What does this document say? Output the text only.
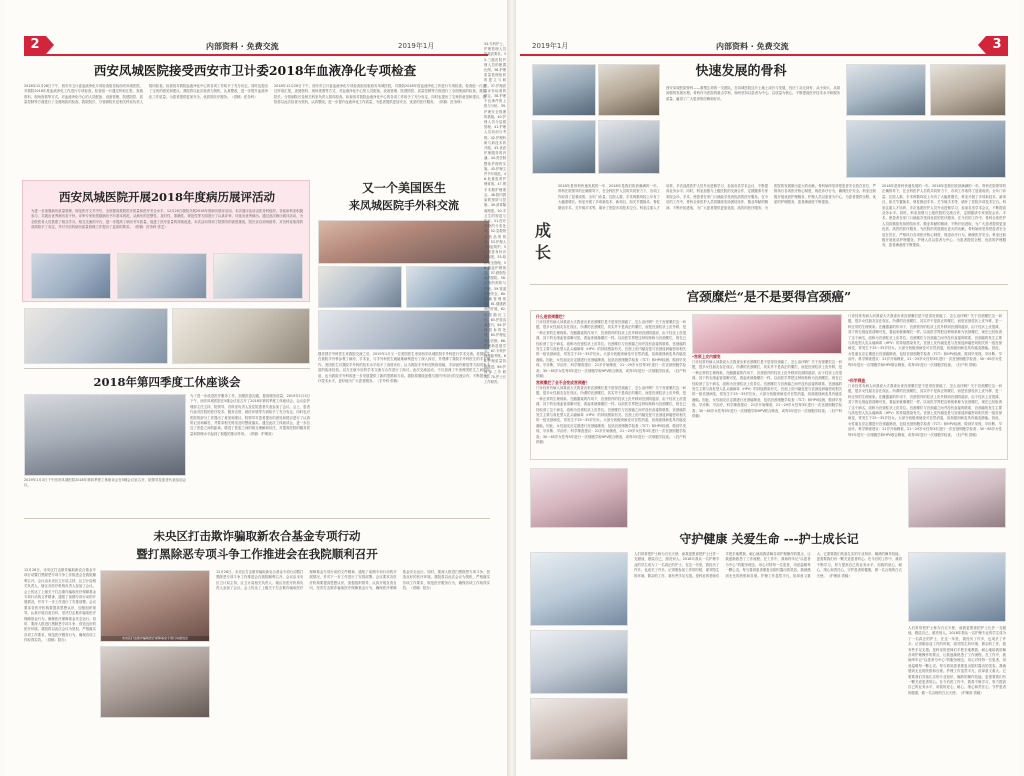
2	内部资料 · 免费交流	2019年1月
西安凤城医院接受西安市卫计委2018年血液净化专项检查
2018年12月26日下午，西安市卫计委血液净化专项检查组莅临西安凤城医院，对我院2018年度血液净化工作进行专项检查。检查组一行通过听取汇报、查阅资料、现场查看等方式，对血液净化中心的人员配备、设备管理、院感防控、质量控制等方面进行了全面细致的检查。我院院长、分管副院长及相关科室负责人陪同检查。检查组对我院血液净化中心的各项工作给予了充分肯定，同时也提出了宝贵的意见和建议。我院将以此次检查为契机，认真整改，进一步提升血液净化工作质量，为患者提供更加安全、优质的医疗服务。（供稿：医务科）
2018年12月26日下午，西安市卫计委血液净化专项检查组莅临西安凤城医院，对我院2018年度血液净化工作进行专项检查。检查组一行通过听取汇报、查阅资料、现场查看等方式，对血液净化中心的人员配备、设备管理、院感防控、质量控制等方面进行了全面细致的检查。我院院长、分管副院长及相关科室负责人陪同检查。检查组对我院血液净化中心的各项工作给予了充分肯定，同时也提出了宝贵的意见和建议。我院将以此次检查为契机，认真整改，进一步提升血液净化工作质量，为患者提供更加安全、优质的医疗服务。（供稿：医务科）
西安凤城医院开展2018年度病历展评活动
为进一步加强病历质量管理，规范医疗文书书写，全面提高我院医疗质量和医疗安全水平，12月20日我院开展2018年度病历展评活动。本次展评活动由医务科组织，各临床科室积极参与，共展出优秀病历若干份。评审专家组依据病历书写基本规范，从病历的完整性、及时性、准确性、规范性等方面进行了认真评审，评选出优秀病历。通过此次病历展评活动，为全院医务人员搭建了相互学习、相互交流的平台，进一步提高了病历书写质量，促进了医疗质量的持续改进。本次活动得到了院领导的高度重视，院长亲自到场指导，对各科室取得的成绩给予了肯定，并对今后的病历质量管理工作提出了更高的要求。（供稿：医务科 张艺）
又一个美国医生
来凤城医院手外科交流
继美国手外科医生来我院交流之后，2019年1月又一位美国医生来到西安凤城医院手外科进行学术交流。美国医生在我院手外科参观了病房、手术室，与手外科医生就疑难病例进行了深入探讨，并观摩了我院手外科医生的手术操作。美国医生对我院手外科的技术水平给予了高度评价，认为我院手外科在断指再植、手部创伤修复等方面具有丰富的临床经验。双方还就今后的学术交流与合作进行了商讨。此次交流活动，不仅加深了中美两国医生之间的友谊，也为我院手外科的进一步发展提供了新的思路和方向。我院将继续加强与国内外同行的交流合作，不断提升医疗技术水平，更好地为广大患者服务。（手外科 供稿）
2018年第四季度工休座谈会
2019年1月3日下午西安凤城医院2018年第四季度工休座谈会在5楼会议室召开，院领导及患者代表参加会议。
为了进一步改进医疗服务工作，加强医患沟通，提高服务质量，2019年1月3日下午，西安凤城医院在5楼会议室召开了2018年第四季度工休座谈会。会议由护理部主任主持，院领导、各科室负责人及住院患者代表参加了会议。会上，患者代表对医院的医疗技术、服务态度、就医环境等方面给予了充分肯定，同时也对医院的部分工作提出了意见和建议。院领导对患者提出的意见和建议进行了认真的记录和解答，并要求相关科室及时整改落实。通过此次工休座谈会，进一步拉近了医患之间的距离，增进了医患之间的相互理解和信任，对提高医院的服务质量和管理水平起到了积极的推动作用。（供稿：护理部）
未央区打击欺诈骗取新农合基金专项行动
暨打黑除恶专项斗争工作推进会在我院顺利召开
12月28日，未央区打击欺诈骗取新农合基金专项行动暨打黑除恶专项斗争工作推进会在我院顺利召开。会议由未央区卫计局主持，区卫计局相关负责人、辖区各医疗机构负责人参加了会议。会上传达了上级关于打击欺诈骗取医疗保障基金专项行动的文件精神，通报了前期专项行动的开展情况，并对下一步工作进行了安排部署。会议要求各医疗机构要提高思想认识，加强组织领导，认真开展自查自纠，坚决打击欺诈骗取医疗保障基金行为，确保医疗保障基金安全运行。同时，要深入推进扫黑除恶专项斗争，营造良好的医疗环境。我院将以此次会议为契机，严格落实各项工作要求，规范医疗服务行为，确保各项工作取得实效。（供稿：院办）
未央区打击欺诈骗取医疗保障基金专项行动推进会
12月28日，未央区打击欺诈骗取新农合基金专项行动暨打黑除恶专项斗争工作推进会在我院顺利召开。会议由未央区卫计局主持，区卫计局相关负责人、辖区各医疗机构负责人参加了会议。会上传达了上级关于打击欺诈骗取医疗保障基金专项行动的文件精神，通报了前期专项行动的开展情况，并对下一步工作进行了安排部署。会议要求各医疗机构要提高思想认识，加强组织领导，认真开展自查自纠，坚决打击欺诈骗取医疗保障基金行为，确保医疗保障基金安全运行。同时，要深入推进扫黑除恶专项斗争，营造良好的医疗环境。我院将以此次会议为契机，严格落实各项工作要求，规范医疗服务行为，确保各项工作取得实效。（供稿：院办）
34.专科护士、护理管理人员的素质要求。35.三级医院护理人员的配置比例。36.护理质量管理组织的建立与职责。37.护理质量评价标准的制定。38.护理不良事件的上报与分析。39.护理安全管理的措施。40.护理人员分层级管理。41.护理人员培训与考核。42.护理科研与新技术的开展。43.优质护理服务的内涵。44.责任制整体护理的实施。45.护理文件书写规范。46.危重患者护理常规。47.围手术期护理要点。48.院内感染的预防与控制。49.消毒隔离制度。50.手卫生的规范与执行。51.医疗废物的分类处理。52.急救物品药品的管理。53.护理人员职业防护。54.患者身份识别制度。55.给药安全管理。56.输血护理规范。57.跌倒坠床的预防。58.压疮的预防与护理。59.管道护理安全。60.疼痛管理规范。61.健康教育的开展。62.出院随访工作。63.护患沟通技巧。64.护理投诉的处理。65.护理伦理与法律。66.护理新进展学习。67.专科护理技能考核。68.护理质量持续改进。69.护理部工作职责。70.护士长工作职责。
2019年1月	内部资料 · 免费交流	3
快速发展的骨科
西安凤城医院骨科——重塑生命的一支团队，在凤城医院这片土地上成长与发展，经历了从无到有、从小到大、从弱到强的发展历程。骨科作为医院的重点学科，始终坚持以患者为中心，以质量为核心，不断提高医疗技术水平和服务质量，赢得了广大患者的信赖和好评。
成长
2018年是骨科快速发展的一年，2018年是我们收获满满的一年。骨科在院领导的正确领导下，在全科医护人员的共同努力下，各项工作取得了显著成绩。全年门诊量、住院人数、手术例数均较上年有了大幅度增长。科室开展了多项新技术、新项目，如关节置换术、脊柱微创手术、关节镜手术等，填补了医院多项技术空白。科室注重人才培养，多次选派医护人员外出进修学习，参加各类学术会议，不断提高业务水平。同时，科室加强与上级医院的交流合作，定期邀请专家来院会诊、手术，使患者在家门口就能享受到优质的医疗服务。在今后的工作中，骨科全体医护人员将继续发扬团结协作、敬业奉献的精神，不断开拓进取，为广大患者提供更加优质、高效的医疗服务，为医院的发展做出更大的贡献。骨科始终坚持把患者安全放在首位，严格执行各项医疗核心制度，规范诊疗行为，确保医疗安全。科室还积极开展优质护理服务，护理人员以患者为中心，为患者提供全程、优质的护理服务，患者满意度不断提高。
2018年是骨科快速发展的一年，2018年是我们收获满满的一年。骨科在院领导的正确领导下，在全科医护人员的共同努力下，各项工作取得了显著成绩。全年门诊量、住院人数、手术例数均较上年有了大幅度增长。科室开展了多项新技术、新项目，如关节置换术、脊柱微创手术、关节镜手术等，填补了医院多项技术空白。科室注重人才培养，多次选派医护人员外出进修学习，参加各类学术会议，不断提高业务水平。同时，科室加强与上级医院的交流合作，定期邀请专家来院会诊、手术，使患者在家门口就能享受到优质的医疗服务。在今后的工作中，骨科全体医护人员将继续发扬团结协作、敬业奉献的精神，不断开拓进取，为广大患者提供更加优质、高效的医疗服务，为医院的发展做出更大的贡献。骨科始终坚持把患者安全放在首位，严格执行各项医疗核心制度，规范诊疗行为，确保医疗安全。科室还积极开展优质护理服务，护理人员以患者为中心，为患者提供全程、优质的护理服务，患者满意度不断提高。
宫颈糜烂“是不是要得宫颈癌”
什么是宫颈糜烂？
门诊经常有病人问我说大夫我查出来宫颈糜烂是不是得宫颈癌了，怎么治疗啊？关于宫颈糜烂这一问题，很多女性朋友存在误区。所谓的宫颈糜烂，其实并不是真正的糜烂，而是宫颈柱状上皮外移，是一种正常的生理现象。在雌激素的作用下，宫颈管内的柱状上皮外移到宫颈阴道部，由于柱状上皮很薄，其下的毛细血管清晰可见，看起来就像糜烂一样。以前医学界把这种现象称为宫颈糜烂，现在已经取消了这个病名，改称为宫颈柱状上皮异位。宫颈糜烂与宫颈癌之间并没有直接的联系，宫颈癌的发生主要与高危型人乳头瘤病毒（HPV）的持续感染有关。宫颈上皮内瘤变是与宫颈浸润癌密切相关的一组宫颈病变，常发生于25～35岁妇女。大部分低级别病变可自然消退，但高级别病变具有癌变潜能。因此，女性朋友应定期进行宫颈癌筛查，包括宫颈细胞学检查（TCT）和HPV检测，做到早发现、早诊断、早治疗。科学筛查建议：21岁开始筛查，21～29岁女性每3年进行一次宫颈细胞学检查；30～65岁女性每5年进行一次细胞学和HPV联合筛查，或每3年进行一次细胞学检查。（妇产科 供稿）
宫颈糜烂了会不会变成宫颈癌？
门诊经常有病人问我说大夫我查出来宫颈糜烂是不是得宫颈癌了，怎么治疗啊？关于宫颈糜烂这一问题，很多女性朋友存在误区。所谓的宫颈糜烂，其实并不是真正的糜烂，而是宫颈柱状上皮外移，是一种正常的生理现象。在雌激素的作用下，宫颈管内的柱状上皮外移到宫颈阴道部，由于柱状上皮很薄，其下的毛细血管清晰可见，看起来就像糜烂一样。以前医学界把这种现象称为宫颈糜烂，现在已经取消了这个病名，改称为宫颈柱状上皮异位。宫颈糜烂与宫颈癌之间并没有直接的联系，宫颈癌的发生主要与高危型人乳头瘤病毒（HPV）的持续感染有关。宫颈上皮内瘤变是与宫颈浸润癌密切相关的一组宫颈病变，常发生于25～35岁妇女。大部分低级别病变可自然消退，但高级别病变具有癌变潜能。因此，女性朋友应定期进行宫颈癌筛查，包括宫颈细胞学检查（TCT）和HPV检测，做到早发现、早诊断、早治疗。科学筛查建议：21岁开始筛查，21～29岁女性每3年进行一次宫颈细胞学检查；30～65岁女性每5年进行一次细胞学和HPV联合筛查，或每3年进行一次细胞学检查。（妇产科 供稿）
*宫颈上皮内瘤变
门诊经常有病人问我说大夫我查出来宫颈糜烂是不是得宫颈癌了，怎么治疗啊？关于宫颈糜烂这一问题，很多女性朋友存在误区。所谓的宫颈糜烂，其实并不是真正的糜烂，而是宫颈柱状上皮外移，是一种正常的生理现象。在雌激素的作用下，宫颈管内的柱状上皮外移到宫颈阴道部，由于柱状上皮很薄，其下的毛细血管清晰可见，看起来就像糜烂一样。以前医学界把这种现象称为宫颈糜烂，现在已经取消了这个病名，改称为宫颈柱状上皮异位。宫颈糜烂与宫颈癌之间并没有直接的联系，宫颈癌的发生主要与高危型人乳头瘤病毒（HPV）的持续感染有关。宫颈上皮内瘤变是与宫颈浸润癌密切相关的一组宫颈病变，常发生于25～35岁妇女。大部分低级别病变可自然消退，但高级别病变具有癌变潜能。因此，女性朋友应定期进行宫颈癌筛查，包括宫颈细胞学检查（TCT）和HPV检测，做到早发现、早诊断、早治疗。科学筛查建议：21岁开始筛查，21～29岁女性每3年进行一次宫颈细胞学检查；30～65岁女性每5年进行一次细胞学和HPV联合筛查，或每3年进行一次细胞学检查。（妇产科 供稿）
门诊经常有病人问我说大夫我查出来宫颈糜烂是不是得宫颈癌了，怎么治疗啊？关于宫颈糜烂这一问题，很多女性朋友存在误区。所谓的宫颈糜烂，其实并不是真正的糜烂，而是宫颈柱状上皮外移，是一种正常的生理现象。在雌激素的作用下，宫颈管内的柱状上皮外移到宫颈阴道部，由于柱状上皮很薄，其下的毛细血管清晰可见，看起来就像糜烂一样。以前医学界把这种现象称为宫颈糜烂，现在已经取消了这个病名，改称为宫颈柱状上皮异位。宫颈糜烂与宫颈癌之间并没有直接的联系，宫颈癌的发生主要与高危型人乳头瘤病毒（HPV）的持续感染有关。宫颈上皮内瘤变是与宫颈浸润癌密切相关的一组宫颈病变，常发生于25～35岁妇女。大部分低级别病变可自然消退，但高级别病变具有癌变潜能。因此，女性朋友应定期进行宫颈癌筛查，包括宫颈细胞学检查（TCT）和HPV检测，做到早发现、早诊断、早治疗。科学筛查建议：21岁开始筛查，21～29岁女性每3年进行一次宫颈细胞学检查；30～65岁女性每5年进行一次细胞学和HPV联合筛查，或每3年进行一次细胞学检查。（妇产科 供稿）
*科学筛查
门诊经常有病人问我说大夫我查出来宫颈糜烂是不是得宫颈癌了，怎么治疗啊？关于宫颈糜烂这一问题，很多女性朋友存在误区。所谓的宫颈糜烂，其实并不是真正的糜烂，而是宫颈柱状上皮外移，是一种正常的生理现象。在雌激素的作用下，宫颈管内的柱状上皮外移到宫颈阴道部，由于柱状上皮很薄，其下的毛细血管清晰可见，看起来就像糜烂一样。以前医学界把这种现象称为宫颈糜烂，现在已经取消了这个病名，改称为宫颈柱状上皮异位。宫颈糜烂与宫颈癌之间并没有直接的联系，宫颈癌的发生主要与高危型人乳头瘤病毒（HPV）的持续感染有关。宫颈上皮内瘤变是与宫颈浸润癌密切相关的一组宫颈病变，常发生于25～35岁妇女。大部分低级别病变可自然消退，但高级别病变具有癌变潜能。因此，女性朋友应定期进行宫颈癌筛查，包括宫颈细胞学检查（TCT）和HPV检测，做到早发现、早诊断、早治疗。科学筛查建议：21岁开始筛查，21～29岁女性每3年进行一次宫颈细胞学检查；30～65岁女性每5年进行一次细胞学和HPV联合筛查，或每3年进行一次细胞学检查。（妇产科 供稿）
守护健康 关爱生命 ---护士成长记
人们常常把护士称为白衣天使，而我更愿意把护士比作一支蜡烛，燃烧自己，照亮别人。2018年我从一名护理专业的学生成为了一名真正的护士，在这一年里，我经历了许多，也成长了许多。记得刚参加工作的时候，面对陌生的环境、繁杂的工作，我有些手足无措。是科室的老师们手把手地教我，耐心地给我讲解各项护理操作的要点，让我逐渐熟悉了工作流程。在工作中，我始终牢记“以患者为中心”的服务理念，用心对待每一位患者，用爱温暖每一颗心灵。每当看到患者康复出院时露出的笑容，我就感到无比的欣慰和自豪。护理工作虽然平凡，但却意义重大。它需要我们具备扎实的专业知识、娴熟的操作技能，更需要我们有一颗关爱患者的心。在今后的工作中，我将不断学习，努力提高自己的业务水平，用我的爱心、耐心、细心和责任心，守护患者的健康，做一名合格的白衣天使。（护理部 供稿）
人们常常把护士称为白衣天使，而我更愿意把护士比作一支蜡烛，燃烧自己，照亮别人。2018年我从一名护理专业的学生成为了一名真正的护士，在这一年里，我经历了许多，也成长了许多。记得刚参加工作的时候，面对陌生的环境、繁杂的工作，我有些手足无措。是科室的老师们手把手地教我，耐心地给我讲解各项护理操作的要点，让我逐渐熟悉了工作流程。在工作中，我始终牢记“以患者为中心”的服务理念，用心对待每一位患者，用爱温暖每一颗心灵。每当看到患者康复出院时露出的笑容，我就感到无比的欣慰和自豪。护理工作虽然平凡，但却意义重大。它需要我们具备扎实的专业知识、娴熟的操作技能，更需要我们有一颗关爱患者的心。在今后的工作中，我将不断学习，努力提高自己的业务水平，用我的爱心、耐心、细心和责任心，守护患者的健康，做一名合格的白衣天使。（护理部 供稿）
